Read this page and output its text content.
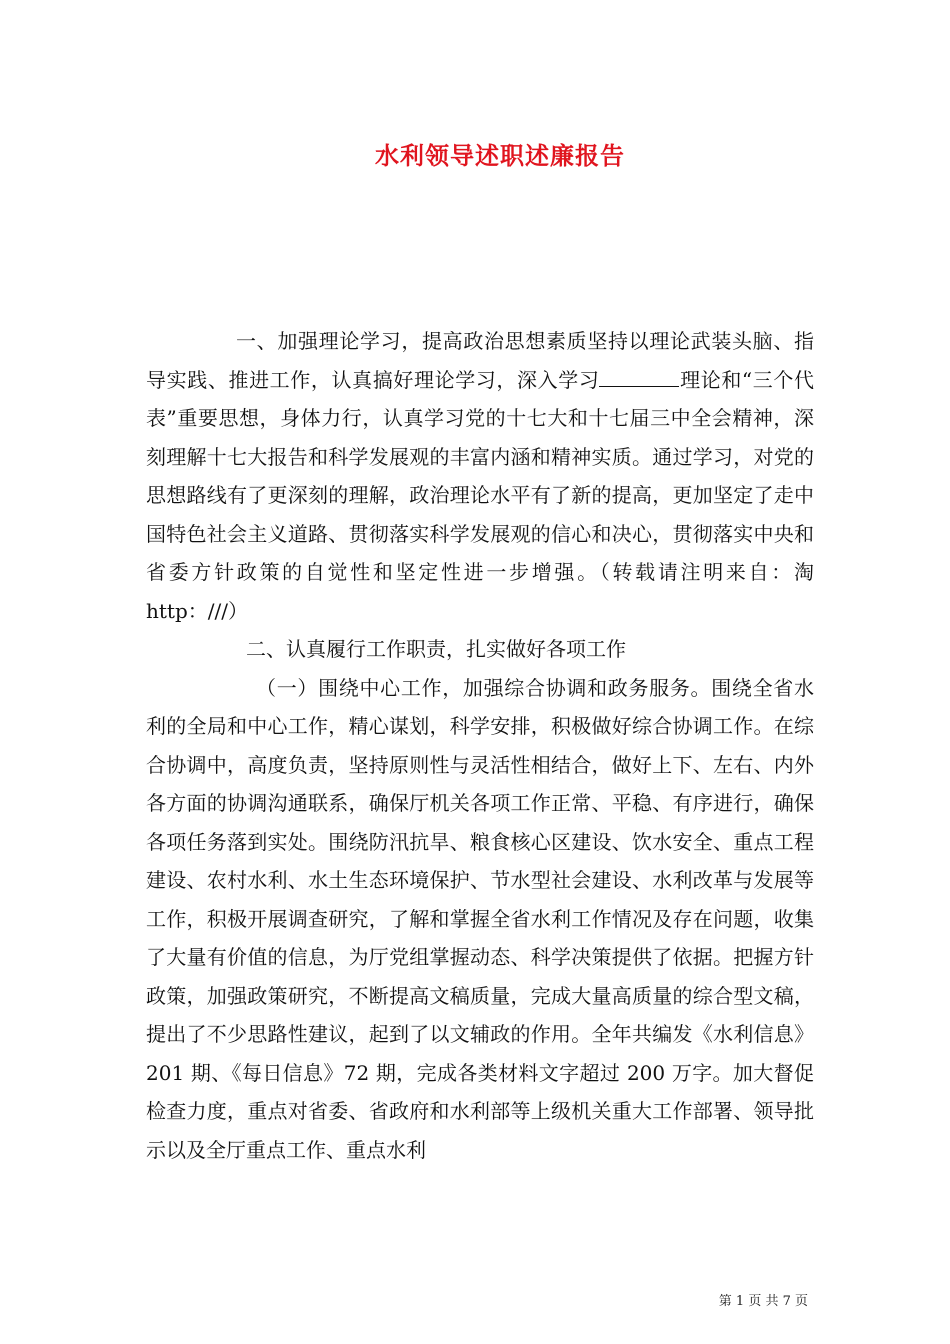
水利领导述职述廉报告

一、加强理论学习，提高政治思想素质坚持以理论武装头脑、指导实践、推进工作，认真搞好理论学习，深入学习	理论和“三个代表”重要思想，身体力行，认真学习党的十七大和十七届三中全会精神，深刻理解十七大报告和科学发展观的丰富内涵和精神实质。通过学习，对党的思想路线有了更深刻的理解，政治理论水平有了新的提高，更加坚定了走中国特色社会主义道路、贯彻落实科学发展观的信心和决心，贯彻落实中央和省委方针政策的自觉性和坚定性进一步增强。（转载请注明来自：淘 http：///）

二、认真履行工作职责，扎实做好各项工作

（一）围绕中心工作，加强综合协调和政务服务。围绕全省水利的全局和中心工作，精心谋划，科学安排，积极做好综合协调工作。在综合协调中，高度负责，坚持原则性与灵活性相结合，做好上下、左右、内外各方面的协调沟通联系，确保厅机关各项工作正常、平稳、有序进行，确保各项任务落到实处。围绕防汛抗旱、粮食核心区建设、饮水安全、重点工程建设、农村水利、水土生态环境保护、节水型社会建设、水利改革与发展等工作，积极开展调查研究，了解和掌握全省水利工作情况及存在问题，收集了大量有价值的信息，为厅党组掌握动态、科学决策提供了依据。把握方针政策，加强政策研究，不断提高文稿质量，完成大量高质量的综合型文稿，提出了不少思路性建议，起到了以文辅政的作用。全年共编发《水利信息》201 期、《每日信息》72 期，完成各类材料文字超过 200 万字。加大督促检查力度，重点对省委、省政府和水利部等上级机关重大工作部署、领导批示以及全厅重点工作、重点水利

第 1 页 共 7 页
